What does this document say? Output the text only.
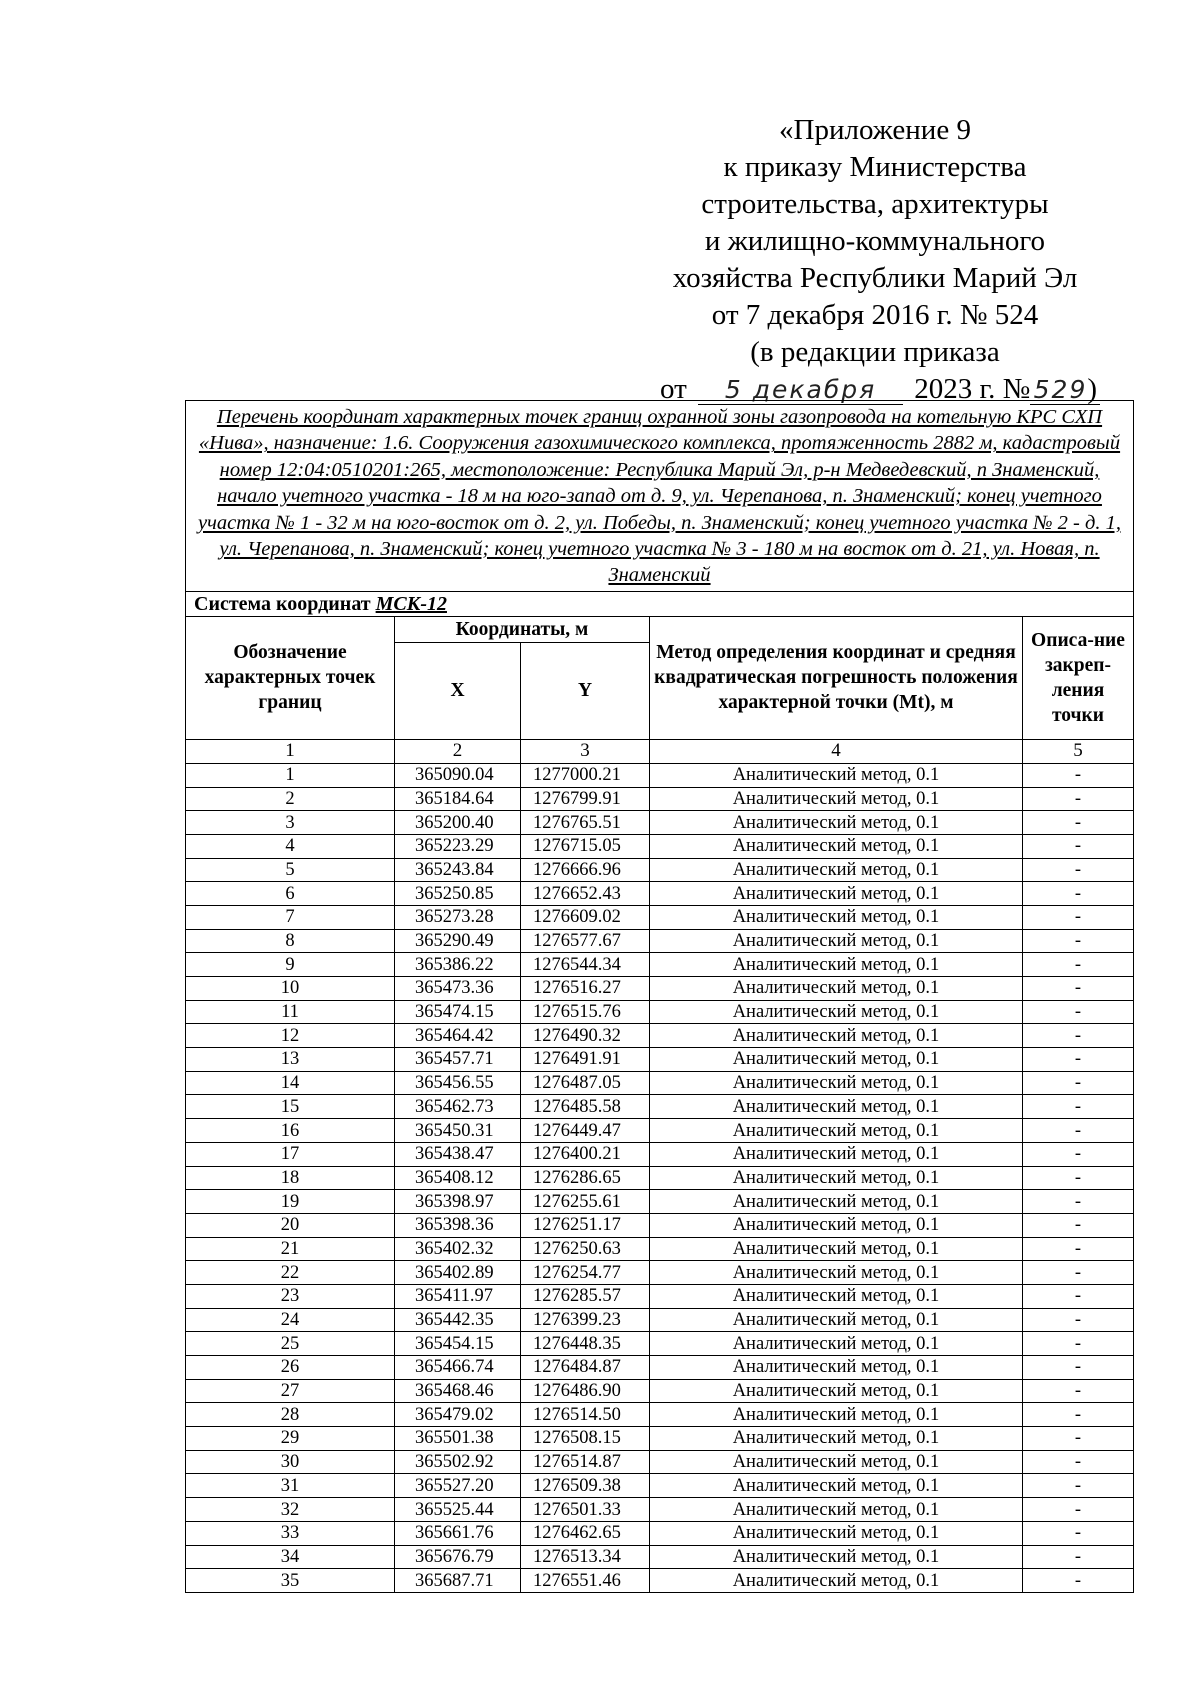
«Приложение 9
к приказу Министерства
строительства, архитектуры
и жилищно-коммунального
хозяйства Республики Марий Эл
от 7 декабря 2016 г. № 524
(в редакции приказа
от 5 декабря 2023 г. № 529)
Перечень координат характерных точек границ охранной зоны газопровода на котельную КРС СХП «Нива», назначение: 1.6. Сооружения газохимического комплекса, протяженность 2882 м, кадастровый номер 12:04:0510201:265, местоположение: Республика Марий Эл, р-н Медведевский, п Знаменский, начало учетного участка - 18 м на юго-запад от д. 9, ул. Черепанова, п. Знаменский; конец учетного участка № 1 - 32 м на юго-восток от д. 2, ул. Победы, п. Знаменский; конец учетного участка № 2 - д. 1, ул. Черепанова, п. Знаменский; конец учетного участка № 3 - 180 м на восток от д. 21, ул. Новая, п. Знаменский				
Система координат МСК-12				
Обозначение характерных точек границ	Координаты, м		Метод определения координат и средняя квадратическая погрешность положения характерной точки (Mt), м	Описа-ние закреп-ления точки
	X	Y		
1	2	3	4	5
1	365090.04	1277000.21	Аналитический метод, 0.1	-
2	365184.64	1276799.91	Аналитический метод, 0.1	-
3	365200.40	1276765.51	Аналитический метод, 0.1	-
4	365223.29	1276715.05	Аналитический метод, 0.1	-
5	365243.84	1276666.96	Аналитический метод, 0.1	-
6	365250.85	1276652.43	Аналитический метод, 0.1	-
7	365273.28	1276609.02	Аналитический метод, 0.1	-
8	365290.49	1276577.67	Аналитический метод, 0.1	-
9	365386.22	1276544.34	Аналитический метод, 0.1	-
10	365473.36	1276516.27	Аналитический метод, 0.1	-
11	365474.15	1276515.76	Аналитический метод, 0.1	-
12	365464.42	1276490.32	Аналитический метод, 0.1	-
13	365457.71	1276491.91	Аналитический метод, 0.1	-
14	365456.55	1276487.05	Аналитический метод, 0.1	-
15	365462.73	1276485.58	Аналитический метод, 0.1	-
16	365450.31	1276449.47	Аналитический метод, 0.1	-
17	365438.47	1276400.21	Аналитический метод, 0.1	-
18	365408.12	1276286.65	Аналитический метод, 0.1	-
19	365398.97	1276255.61	Аналитический метод, 0.1	-
20	365398.36	1276251.17	Аналитический метод, 0.1	-
21	365402.32	1276250.63	Аналитический метод, 0.1	-
22	365402.89	1276254.77	Аналитический метод, 0.1	-
23	365411.97	1276285.57	Аналитический метод, 0.1	-
24	365442.35	1276399.23	Аналитический метод, 0.1	-
25	365454.15	1276448.35	Аналитический метод, 0.1	-
26	365466.74	1276484.87	Аналитический метод, 0.1	-
27	365468.46	1276486.90	Аналитический метод, 0.1	-
28	365479.02	1276514.50	Аналитический метод, 0.1	-
29	365501.38	1276508.15	Аналитический метод, 0.1	-
30	365502.92	1276514.87	Аналитический метод, 0.1	-
31	365527.20	1276509.38	Аналитический метод, 0.1	-
32	365525.44	1276501.33	Аналитический метод, 0.1	-
33	365661.76	1276462.65	Аналитический метод, 0.1	-
34	365676.79	1276513.34	Аналитический метод, 0.1	-
35	365687.71	1276551.46	Аналитический метод, 0.1	-
